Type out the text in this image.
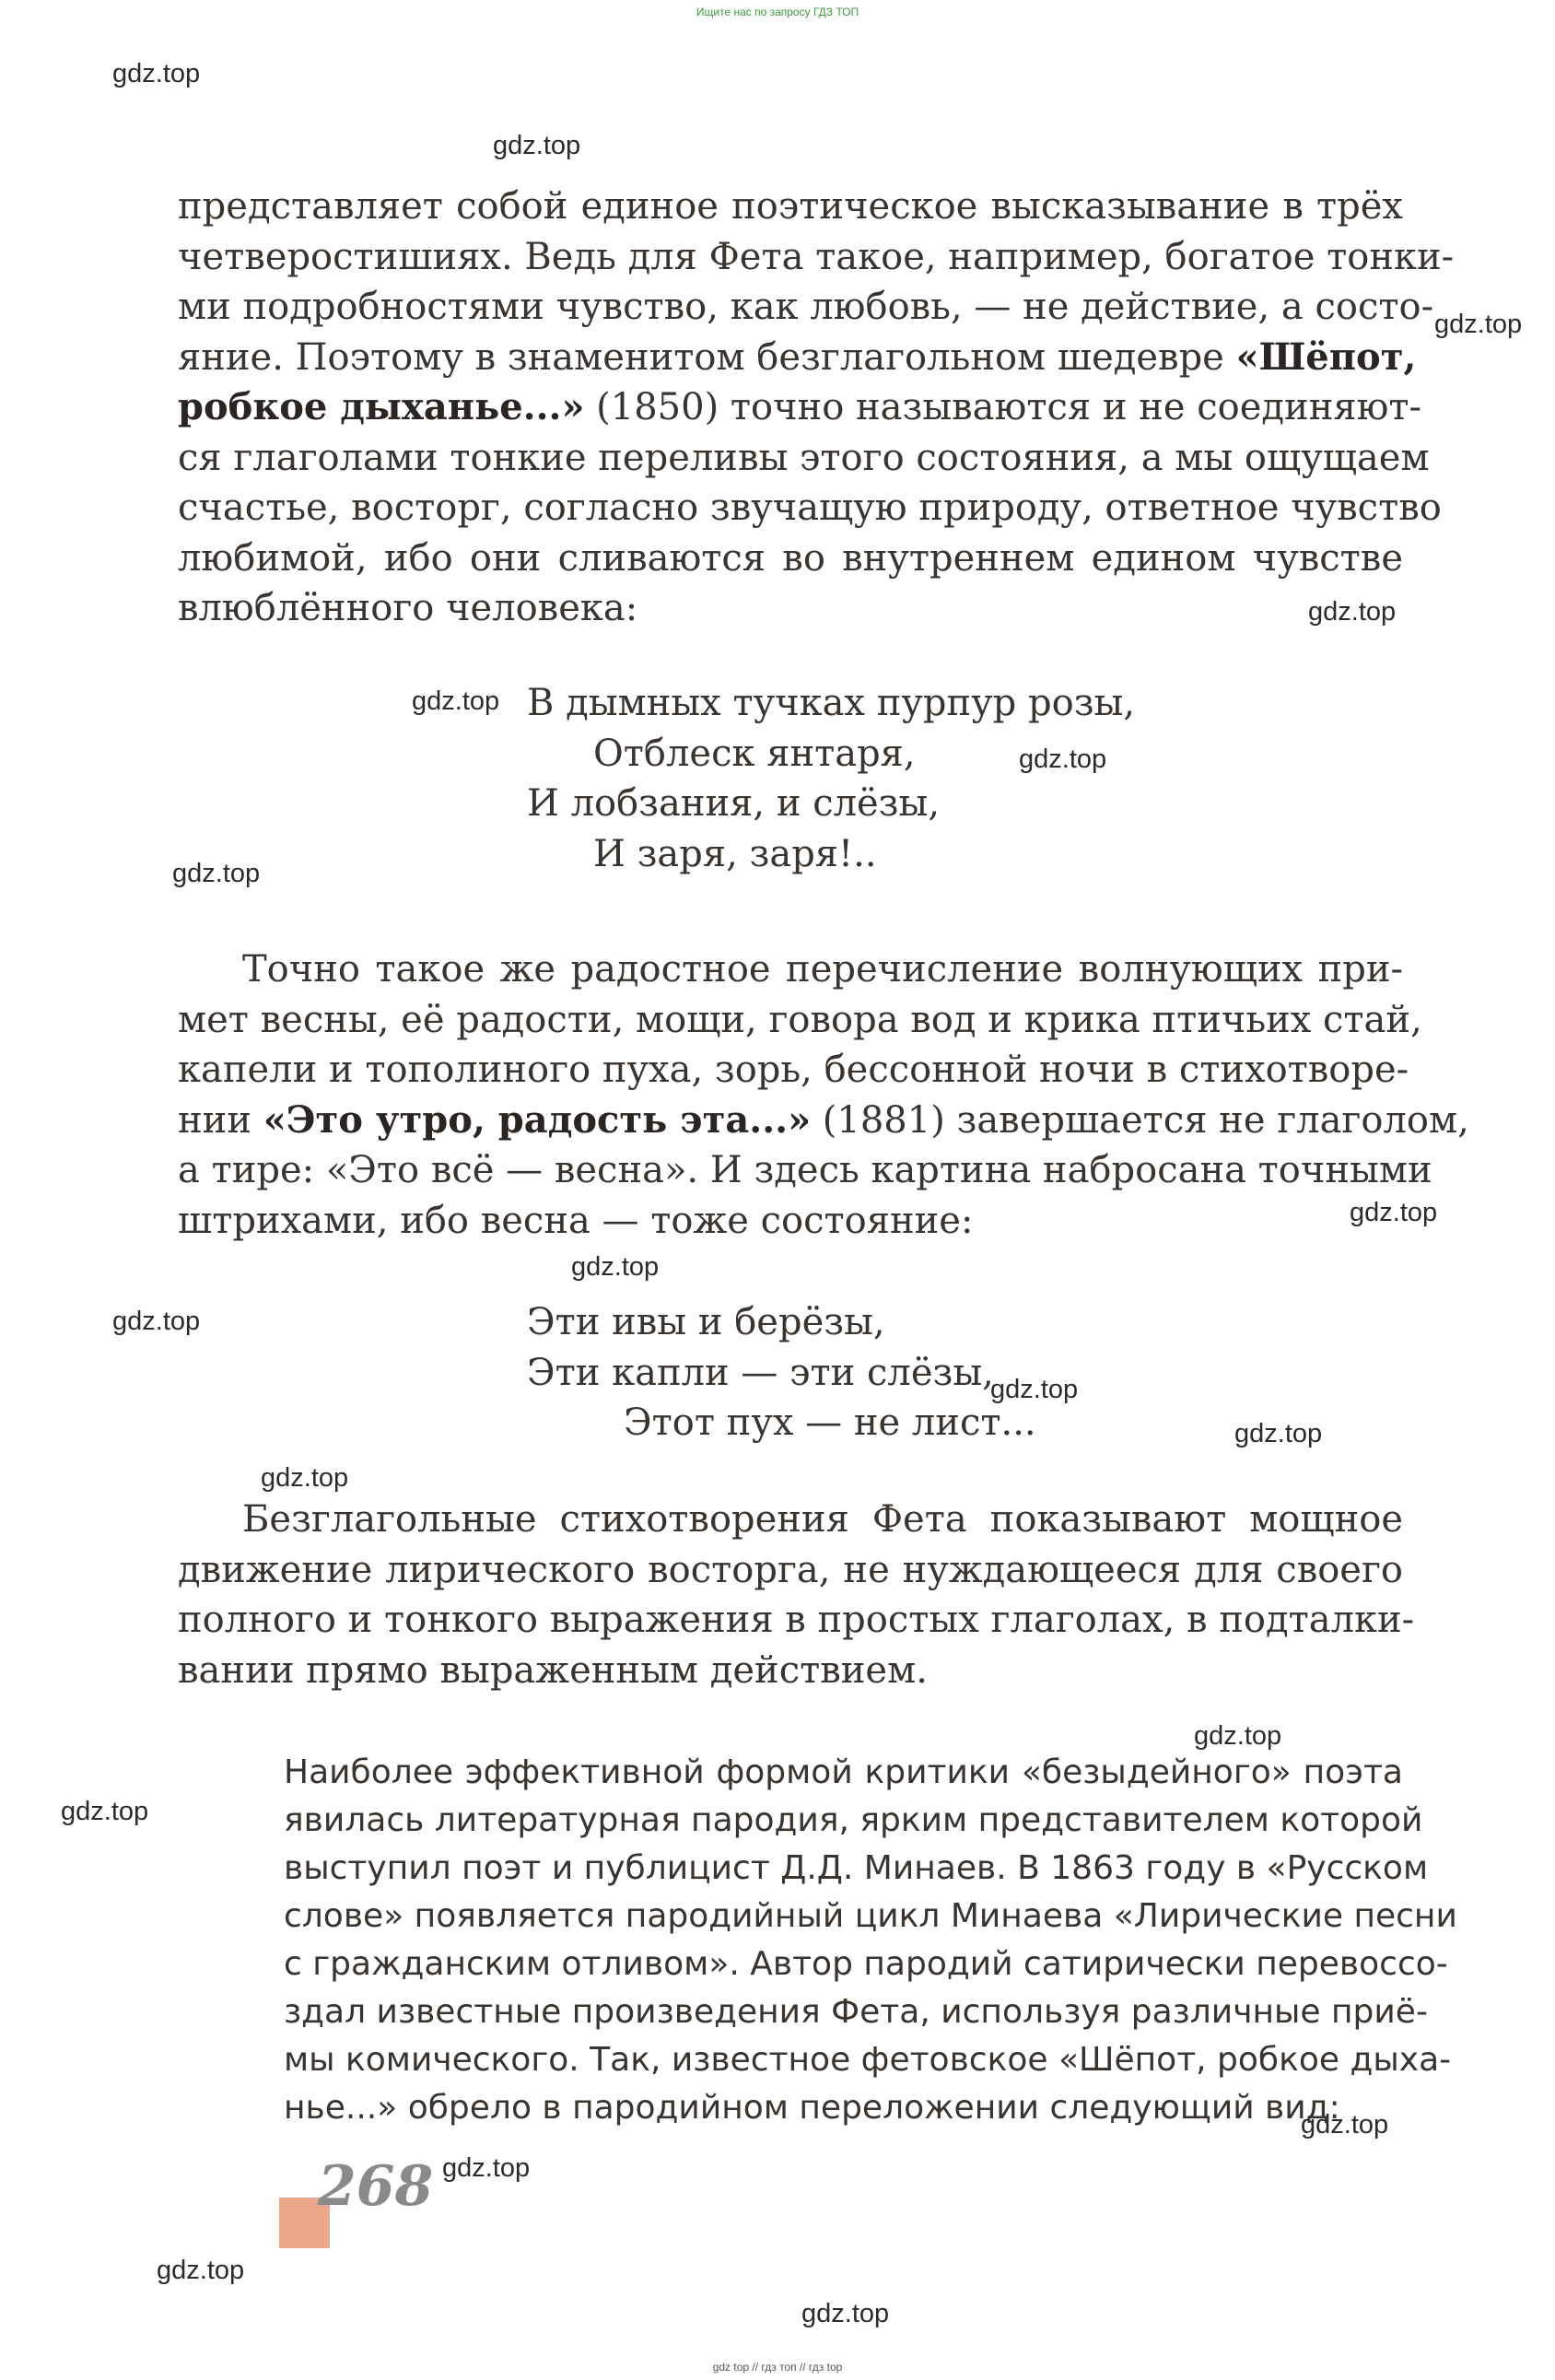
Ищите нас по запросу ГДЗ ТОП
gdz.top
gdz.top
gdz.top
gdz.top
gdz.top
gdz.top
gdz.top
gdz.top
gdz.top
gdz.top
gdz.top
gdz.top
gdz.top
gdz.top
gdz.top
gdz.top
gdz.top
gdz.top
gdz.top
представляет собой единое поэтическое высказывание в трёх
четверостишиях. Ведь для Фета такое, например, богатое тонки-
ми подробностями чувство, как любовь, — не действие, а состо-
яние. Поэтому в знаменитом безглагольном шедевре «Шёпот,
робкое дыханье...» (1850) точно называются и не соединяют-
ся глаголами тонкие переливы этого состояния, а мы ощущаем
счастье, восторг, согласно звучащую природу, ответное чувство
любимой, ибо они сливаются во внутреннем едином чувстве
влюблённого человека:
В дымных тучках пурпур розы,
Отблеск янтаря,
И лобзания, и слёзы,
И заря, заря!..
Точно такое же радостное перечисление волнующих при-
мет весны, её радости, мощи, говора вод и крика птичьих стай,
капели и тополиного пуха, зорь, бессонной ночи в стихотворе-
нии «Это утро, радость эта...» (1881) завершается не глаголом,
а тире: «Это всё — весна». И здесь картина набросана точными
штрихами, ибо весна — тоже состояние:
Эти ивы и берёзы,
Эти капли — эти слёзы,
Этот пух — не лист...
Безглагольные стихотворения Фета показывают мощное
движение лирического восторга, не нуждающееся для своего
полного и тонкого выражения в простых глаголах, в подталки-
вании прямо выраженным действием.
Наиболее эффективной формой критики «безыдейного» поэта
явилась литературная пародия, ярким представителем которой
выступил поэт и публицист Д.Д. Минаев. В 1863 году в «Русском
слове» появляется пародийный цикл Минаева «Лирические песни
с гражданским отливом». Автор пародий сатирически перевоссо-
здал известные произведения Фета, используя различные приё-
мы комического. Так, известное фетовское «Шёпот, робкое дыха-
нье...» обрело в пародийном переложении следующий вид:
268
gdz top // гдз топ // гдз top
